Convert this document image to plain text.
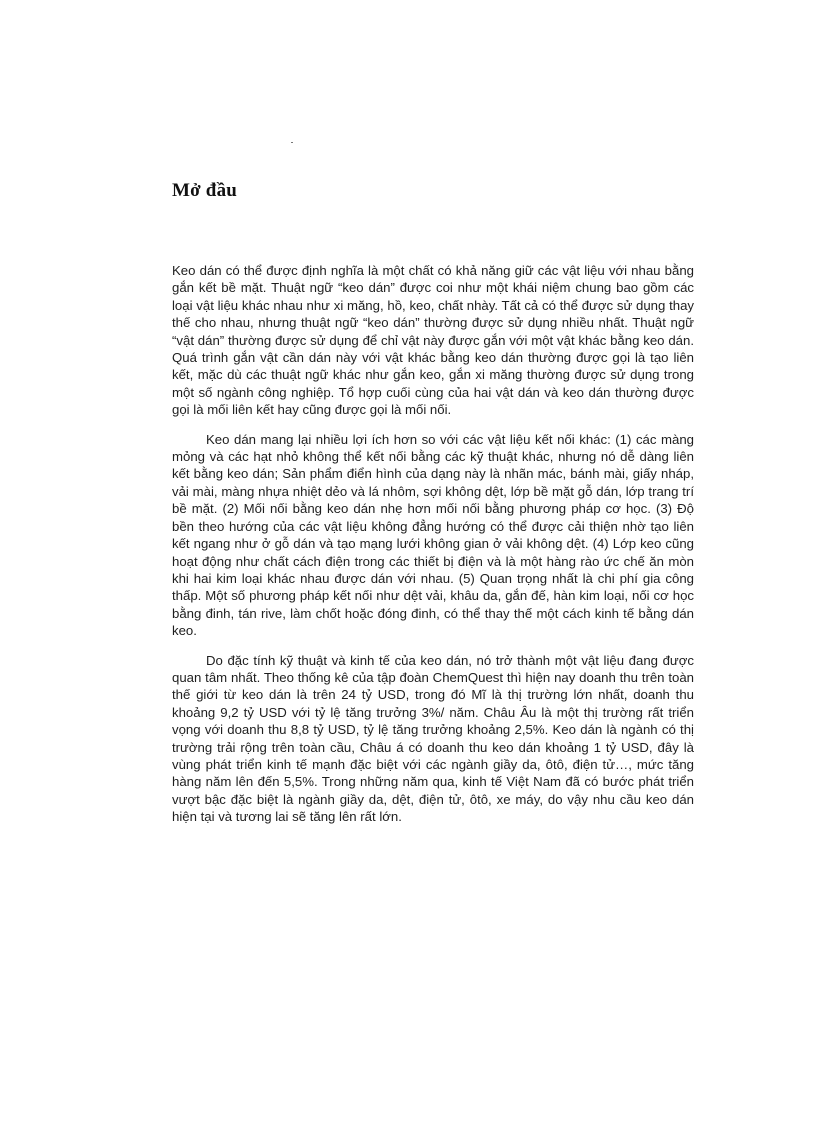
Mở đầu

Keo dán có thể được định nghĩa là một chất có khả năng giữ các vật liệu với nhau bằng gắn kết bề mặt. Thuật ngữ “keo dán” được coi như một khái niệm chung bao gồm các loại vật liệu khác nhau như xi măng, hồ, keo, chất nhày. Tất cả có thể được sử dụng thay thế cho nhau, nhưng thuật ngữ “keo dán” thường được sử dụng nhiều nhất. Thuật ngữ “vật dán” thường được sử dụng để chỉ vật này được gắn với một vật khác bằng keo dán. Quá trình gắn vật cần dán này với vật khác bằng keo dán thường được gọi là tạo liên kết, mặc dù các thuật ngữ khác như gắn keo, gắn xi măng thường được sử dụng trong một số ngành công nghiệp. Tổ hợp cuối cùng của hai vật dán và keo dán thường được gọi là mối liên kết hay cũng được gọi là mối nối.

Keo dán mang lại nhiều lợi ích hơn so với các vật liệu kết nối khác: (1) các màng mỏng và các hạt nhỏ không thể kết nối bằng các kỹ thuật khác, nhưng nó dễ dàng liên kết bằng keo dán; Sản phẩm điển hình của dạng này là nhãn mác, bánh mài, giấy nháp, vải mài, màng nhựa nhiệt dẻo và lá nhôm, sợi không dệt, lớp bề mặt gỗ dán, lớp trang trí bề mặt. (2) Mối nối bằng keo dán nhẹ hơn mối nối bằng phương pháp cơ học. (3) Độ bền theo hướng của các vật liệu không đẳng hướng có thể được cải thiện nhờ tạo liên kết ngang như ở gỗ dán và tạo mạng lưới không gian ở vải không dệt. (4) Lớp keo cũng hoạt động như chất cách điện trong các thiết bị điện và là một hàng rào ức chế ăn mòn khi hai kim loại khác nhau được dán với nhau. (5) Quan trọng nhất là chi phí gia công thấp. Một số phương pháp kết nối như dệt vải, khâu da, gắn đế, hàn kim loại, nối cơ học bằng đinh, tán rive, làm chốt hoặc đóng đinh, có thể thay thế một cách kinh tế bằng dán keo.

Do đặc tính kỹ thuật và kinh tế của keo dán, nó trở thành một vật liệu đang được quan tâm nhất. Theo thống kê của tập đoàn ChemQuest thì hiện nay doanh thu trên toàn thế giới từ keo dán là trên 24 tỷ USD, trong đó Mĩ là thị trường lớn nhất, doanh thu khoảng 9,2 tỷ USD với tỷ lệ tăng trưởng 3%/ năm. Châu Âu là một thị trường rất triển vọng với doanh thu 8,8 tỷ USD, tỷ lệ tăng trưởng khoảng 2,5%. Keo dán là ngành có thị trường trải rộng trên toàn cầu, Châu á có doanh thu keo dán khoảng 1 tỷ USD, đây là vùng phát triển kinh tế mạnh đặc biệt với các ngành giầy da, ôtô, điện tử…, mức tăng hàng năm lên đến 5,5%. Trong những năm qua, kinh tế Việt Nam đã có bước phát triển vượt bậc đặc biệt là ngành giầy da, dệt, điện tử, ôtô, xe máy, do vậy nhu cầu keo dán hiện tại và tương lai sẽ tăng lên rất lớn.
